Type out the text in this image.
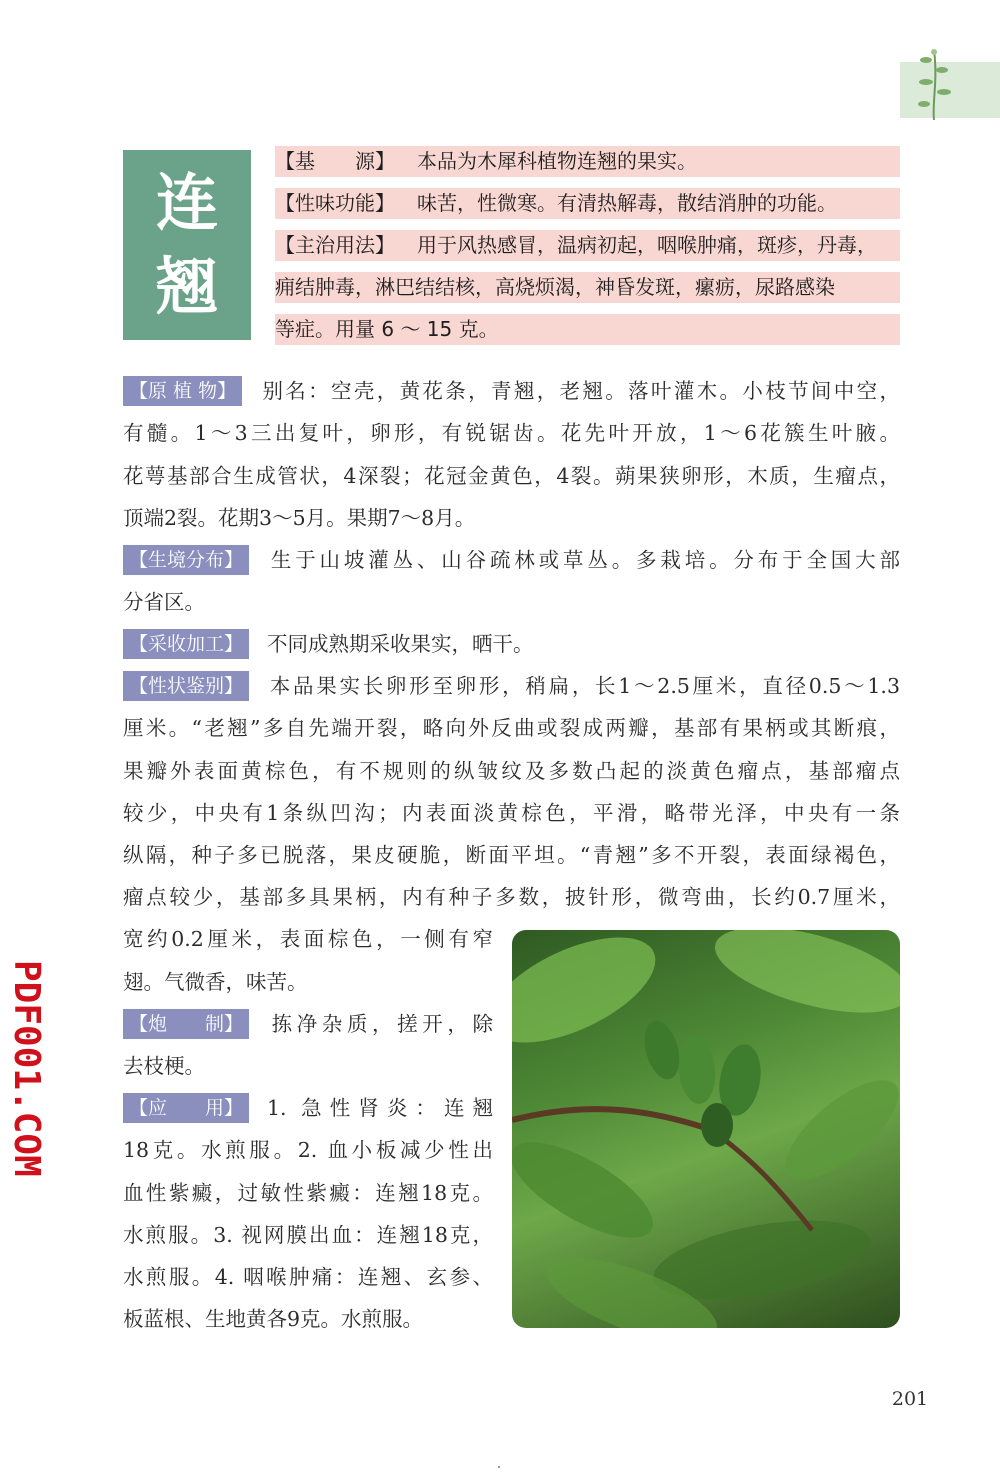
连
翘
【基　　源】 本品为木犀科植物连翘的果实。
【性味功能】 味苦，性微寒。有清热解毒，散结消肿的功能。
【主治用法】 用于风热感冒，温病初起，咽喉肿痛，斑疹，丹毒，
痈结肿毒，淋巴结结核，高烧烦渴，神昏发斑，瘰疬，尿路感染
等症。用量 6 ～ 15 克。
【原 植 物】 别名：空壳，黄花条，青翘，老翘。落叶灌木。小枝节间中空，
有髓。1～3三出复叶，卵形，有锐锯齿。花先叶开放，1～6花簇生叶腋。
花萼基部合生成管状，4深裂；花冠金黄色，4裂。蒴果狭卵形，木质，生瘤点，
顶端2裂。花期3～5月。果期7～8月。
【生境分布】 生于山坡灌丛、山谷疏林或草丛。多栽培。分布于全国大部
分省区。
【采收加工】 不同成熟期采收果实，晒干。
【性状鉴别】 本品果实长卵形至卵形，稍扁，长1～2.5厘米，直径0.5～1.3
厘米。“老翘”多自先端开裂，略向外反曲或裂成两瓣，基部有果柄或其断痕，
果瓣外表面黄棕色，有不规则的纵皱纹及多数凸起的淡黄色瘤点，基部瘤点
较少，中央有1条纵凹沟；内表面淡黄棕色，平滑，略带光泽，中央有一条
纵隔，种子多已脱落，果皮硬脆，断面平坦。“青翘”多不开裂，表面绿褐色，
瘤点较少，基部多具果柄，内有种子多数，披针形，微弯曲，长约0.7厘米，
宽约0.2厘米，表面棕色，一侧有窄
翅。气微香，味苦。
【炮　　制】 拣净杂质，搓开，除
去枝梗。
【应　　用】 1. 急性肾炎：连翘
18克。水煎服。2. 血小板减少性出
血性紫癜，过敏性紫癜：连翘18克。
水煎服。3. 视网膜出血：连翘18克，
水煎服。4. 咽喉肿痛：连翘、玄参、
板蓝根、生地黄各9克。水煎服。
PDF001.COM
201
